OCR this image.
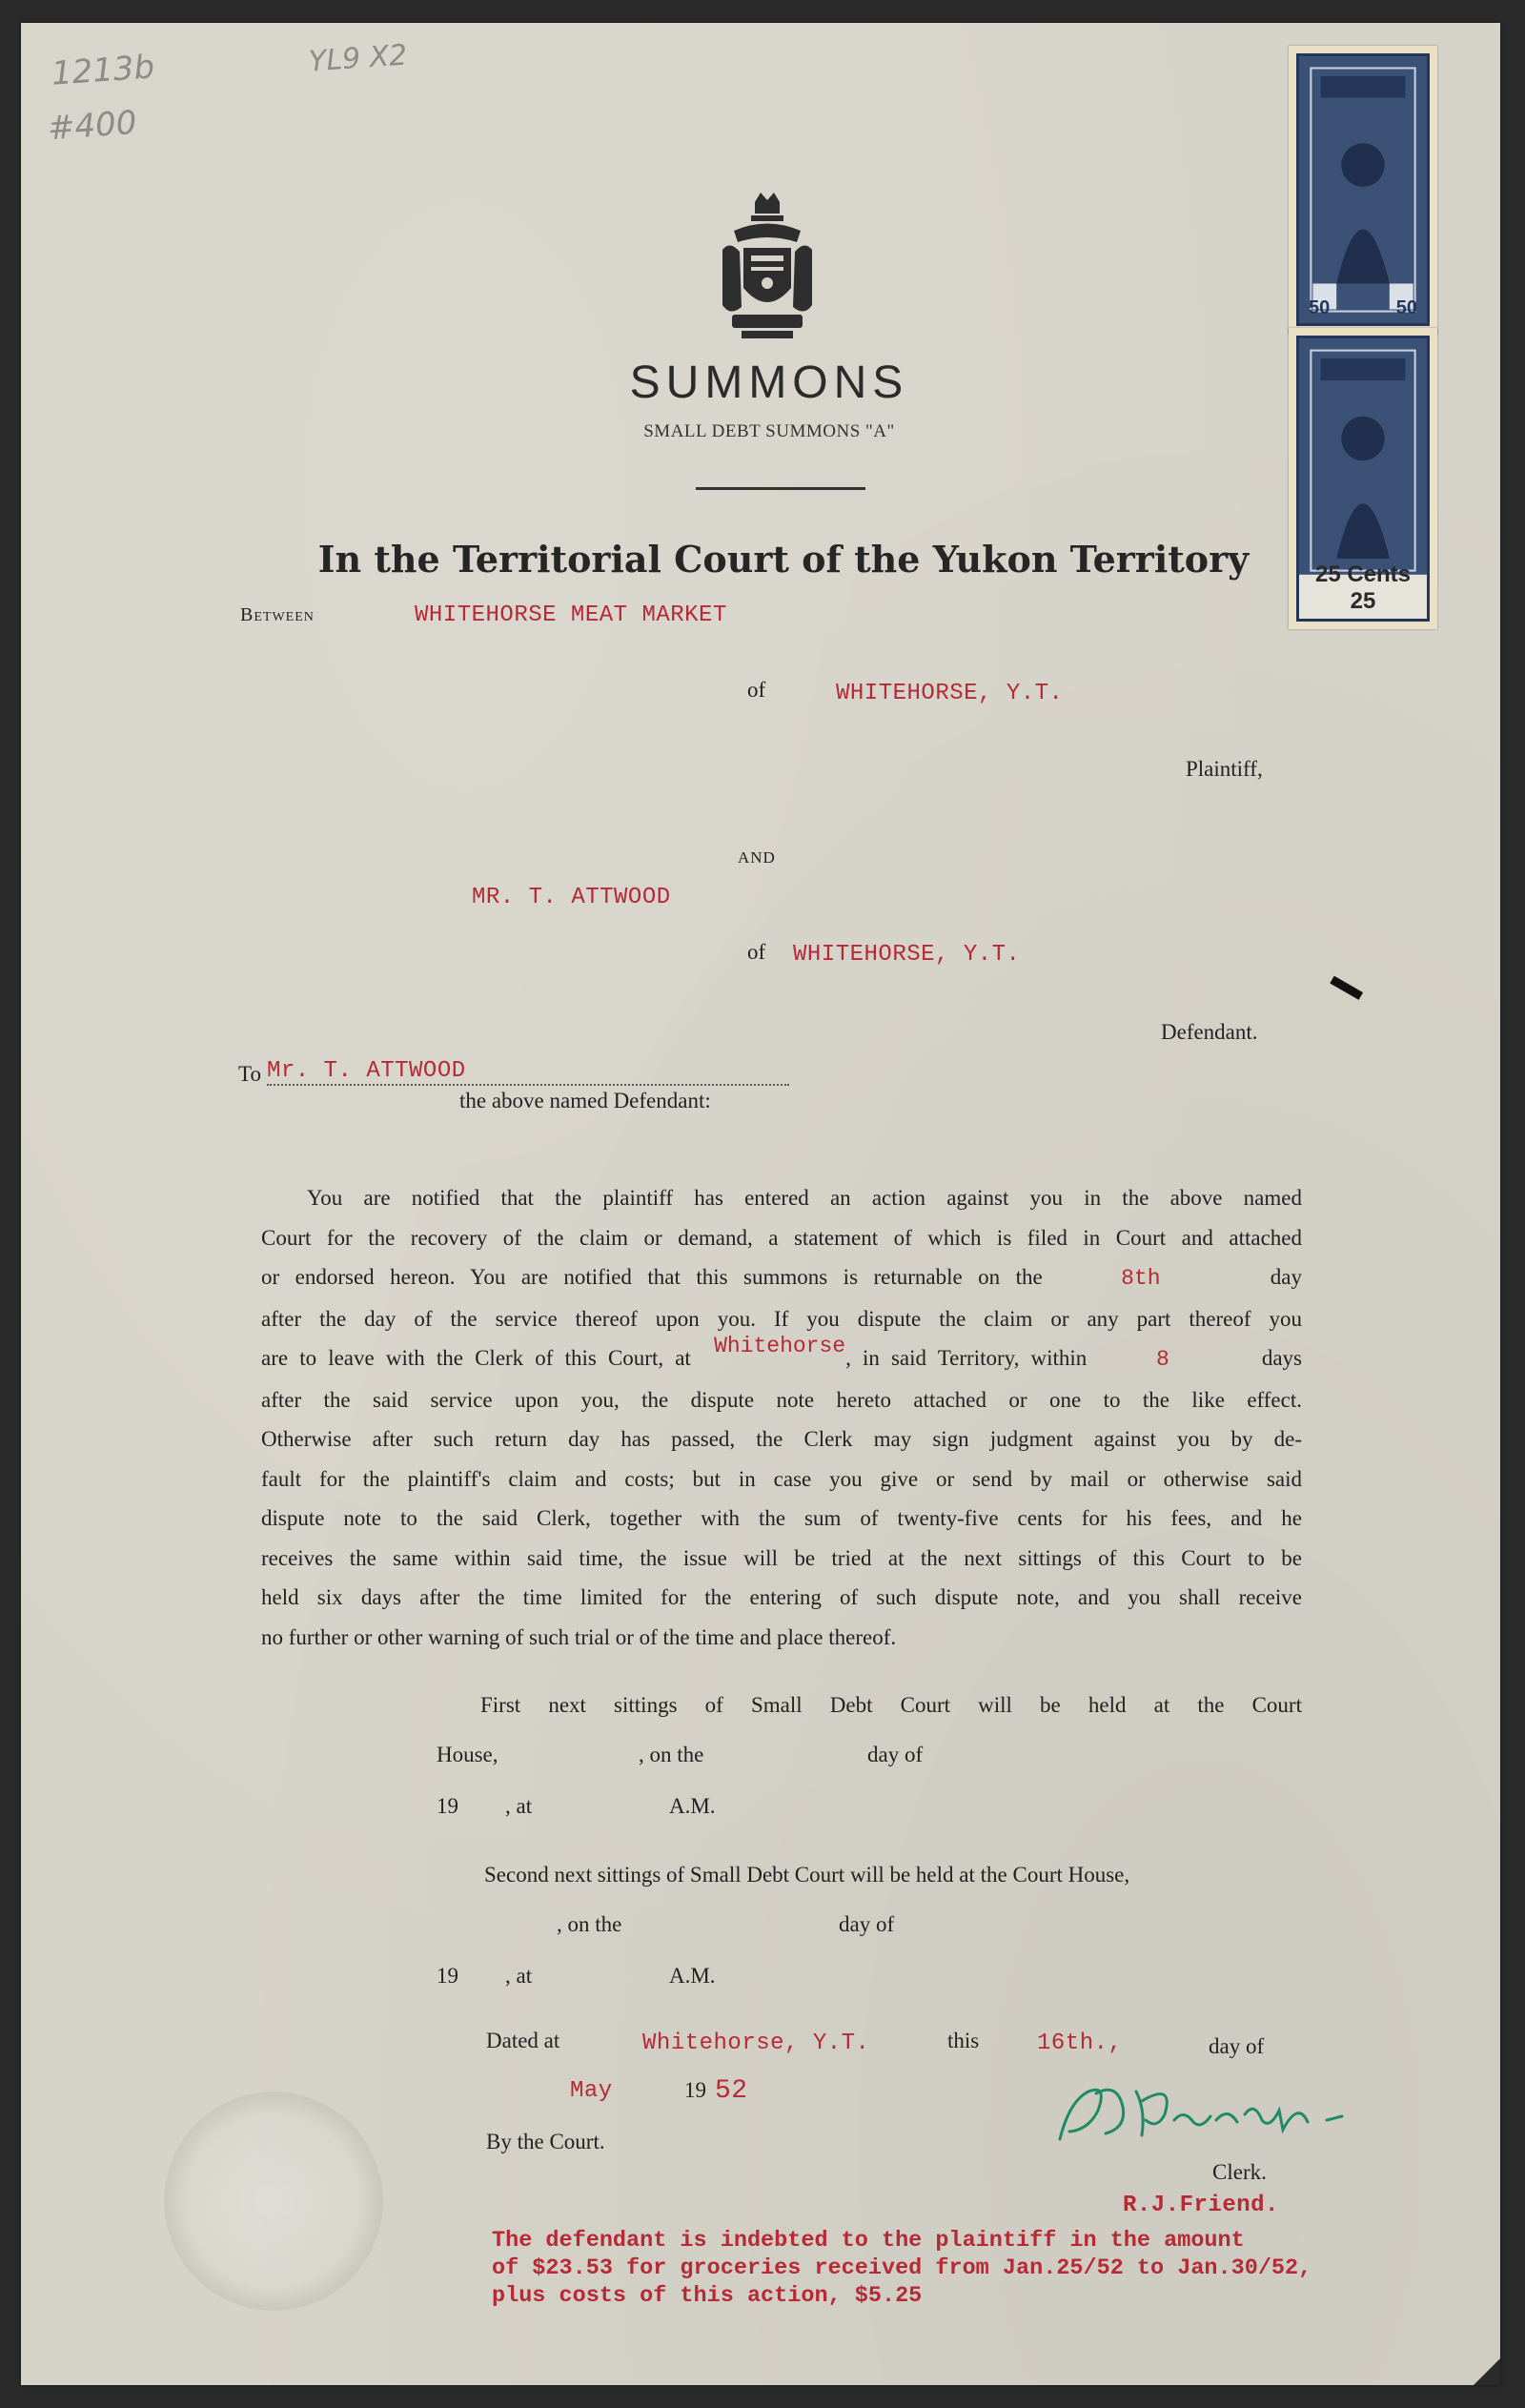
1213b
#400
YL9 X2
SUMMONS
SMALL DEBT SUMMONS "A"
In the Territorial Court of the Yukon Territory
50	50
25 Cents 25
Between	WHITEHORSE MEAT MARKET
of	WHITEHORSE, Y.T.
Plaintiff,
AND
MR. T. ATTWOOD
of WHITEHORSE, Y.T.
Defendant.
I
To Mr. T. ATTWOOD
the above named Defendant:
You are notified that the plaintiff has entered an action against you in the above named
Court for the recovery of the claim or demand, a statement of which is filed in Court and attached
or endorsed hereon. You are notified that this summons is returnable on the	8th	day
after the day of the service thereof upon you. If you dispute the claim or any part thereof you
are to leave with the Clerk of this Court, at Whitehorse, in said Territory, within	8	days
after the said service upon you, the dispute note hereto attached or one to the like effect.
Otherwise after such return day has passed, the Clerk may sign judgment against you by de-
fault for the plaintiff's claim and costs; but in case you give or send by mail or otherwise said
dispute note to the said Clerk, together with the sum of twenty-five cents for his fees, and he
receives the same within said time, the issue will be tried at the next sittings of this Court to be
held six days after the time limited for the entering of such dispute note, and you shall receive
no further or other warning of such trial or of the time and place thereof.
First next sittings of Small Debt Court will be held at the Court
House,	, on the	day of
19 , at	A.M.
Second next sittings of Small Debt Court will be held at the Court House,
, on the	day of
19 , at	A.M.
Dated at	Whitehorse, Y.T.	this	16th.,	day of
May	19 52
By the Court.
Clerk.
R.J.Friend.
The defendant is indebted to the plaintiff in the amount
of $23.53 for groceries received from Jan.25/52 to Jan.30/52,
plus costs of this action, $5.25
